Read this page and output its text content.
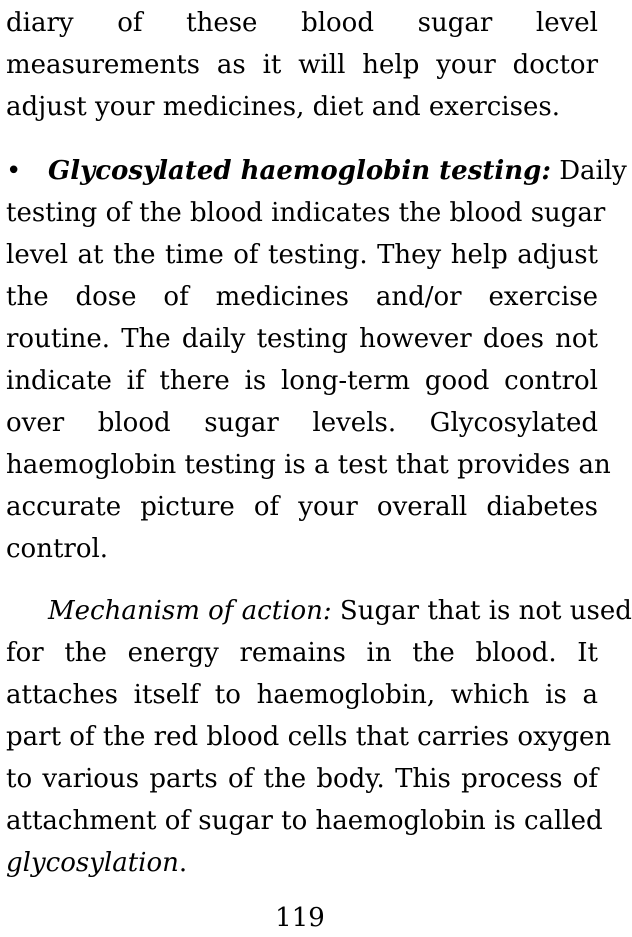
diary of these blood sugar level
measurements as it will help your doctor
adjust your medicines, diet and exercises.
• Glycosylated haemoglobin testing: Daily
testing of the blood indicates the blood sugar
level at the time of testing. They help adjust
the dose of medicines and/or exercise
routine. The daily testing however does not
indicate if there is long-term good control
over blood sugar levels. Glycosylated
haemoglobin testing is a test that provides an
accurate picture of your overall diabetes
control.
Mechanism of action: Sugar that is not used
for the energy remains in the blood. It
attaches itself to haemoglobin, which is a
part of the red blood cells that carries oxygen
to various parts of the body. This process of
attachment of sugar to haemoglobin is called
glycosylation.
119
